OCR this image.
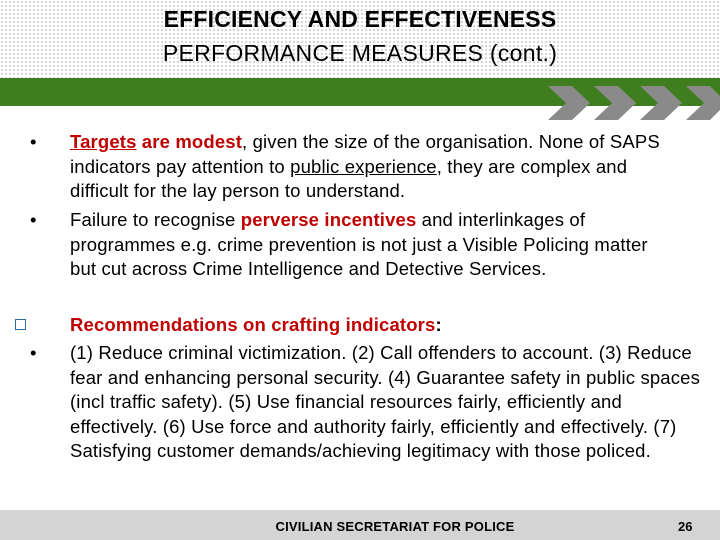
EFFICIENCY AND EFFECTIVENESS
PERFORMANCE MEASURES (cont.)
• Targets are modest, given the size of the organisation. None of SAPS indicators pay attention to public experience, they are complex and difficult for the lay person to understand.
• Failure to recognise perverse incentives and interlinkages of programmes e.g. crime prevention is not just a Visible Policing matter but cut across Crime Intelligence and Detective Services.
Recommendations on crafting indicators:
• (1) Reduce criminal victimization. (2) Call offenders to account. (3) Reduce fear and enhancing personal security. (4) Guarantee safety in public spaces (incl traffic safety). (5) Use financial resources fairly, efficiently and effectively. (6) Use force and authority fairly, efficiently and effectively. (7) Satisfying customer demands/achieving legitimacy with those policed.
CIVILIAN SECRETARIAT FOR POLICE	26
